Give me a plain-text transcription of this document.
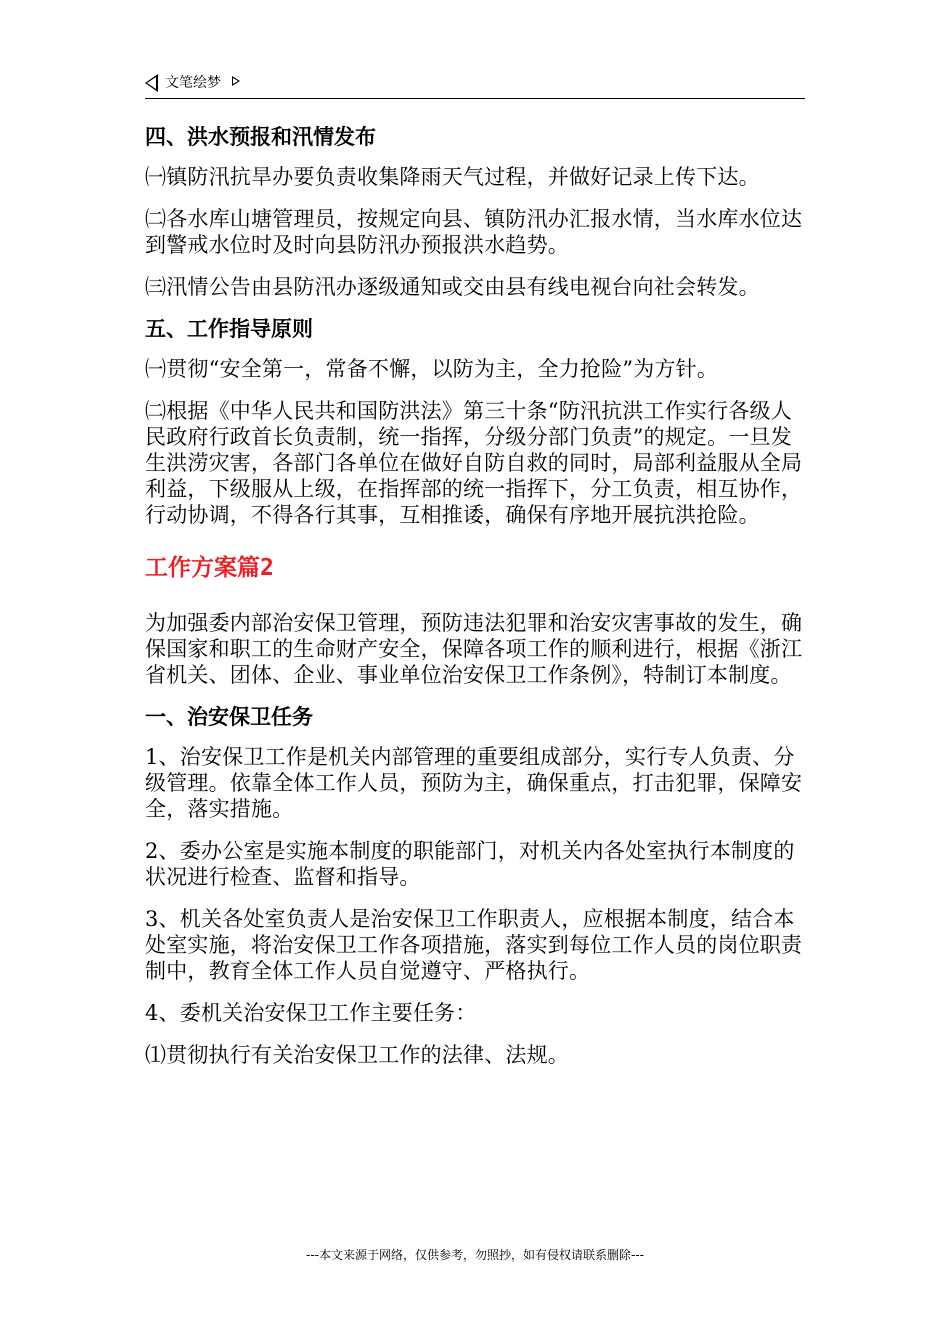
文笔绘梦
四、洪水预报和汛情发布

㈠镇防汛抗旱办要负责收集降雨天气过程，并做好记录上传下达。

㈡各水库山塘管理员，按规定向县、镇防汛办汇报水情，当水库水位达到警戒水位时及时向县防汛办预报洪水趋势。

㈢汛情公告由县防汛办逐级通知或交由县有线电视台向社会转发。

五、工作指导原则

㈠贯彻“安全第一，常备不懈，以防为主，全力抢险”为方针。

㈡根据《中华人民共和国防洪法》第三十条“防汛抗洪工作实行各级人民政府行政首长负责制，统一指挥，分级分部门负责”的规定。一旦发生洪涝灾害，各部门各单位在做好自防自救的同时，局部利益服从全局利益，下级服从上级，在指挥部的统一指挥下，分工负责，相互协作，行动协调，不得各行其事，互相推诿，确保有序地开展抗洪抢险。

工作方案篇2

为加强委内部治安保卫管理，预防违法犯罪和治安灾害事故的发生，确保国家和职工的生命财产安全，保障各项工作的顺利进行，根据《浙江省机关、团体、企业、事业单位治安保卫工作条例》，特制订本制度。

一、治安保卫任务

1、治安保卫工作是机关内部管理的重要组成部分，实行专人负责、分级管理。依靠全体工作人员，预防为主，确保重点，打击犯罪，保障安全，落实措施。

2、委办公室是实施本制度的职能部门，对机关内各处室执行本制度的状况进行检查、监督和指导。

3、机关各处室负责人是治安保卫工作职责人，应根据本制度，结合本处室实施，将治安保卫工作各项措施，落实到每位工作人员的岗位职责制中，教育全体工作人员自觉遵守、严格执行。

4、委机关治安保卫工作主要任务：

⑴贯彻执行有关治安保卫工作的法律、法规。

---本文来源于网络，仅供参考，勿照抄，如有侵权请联系删除---
